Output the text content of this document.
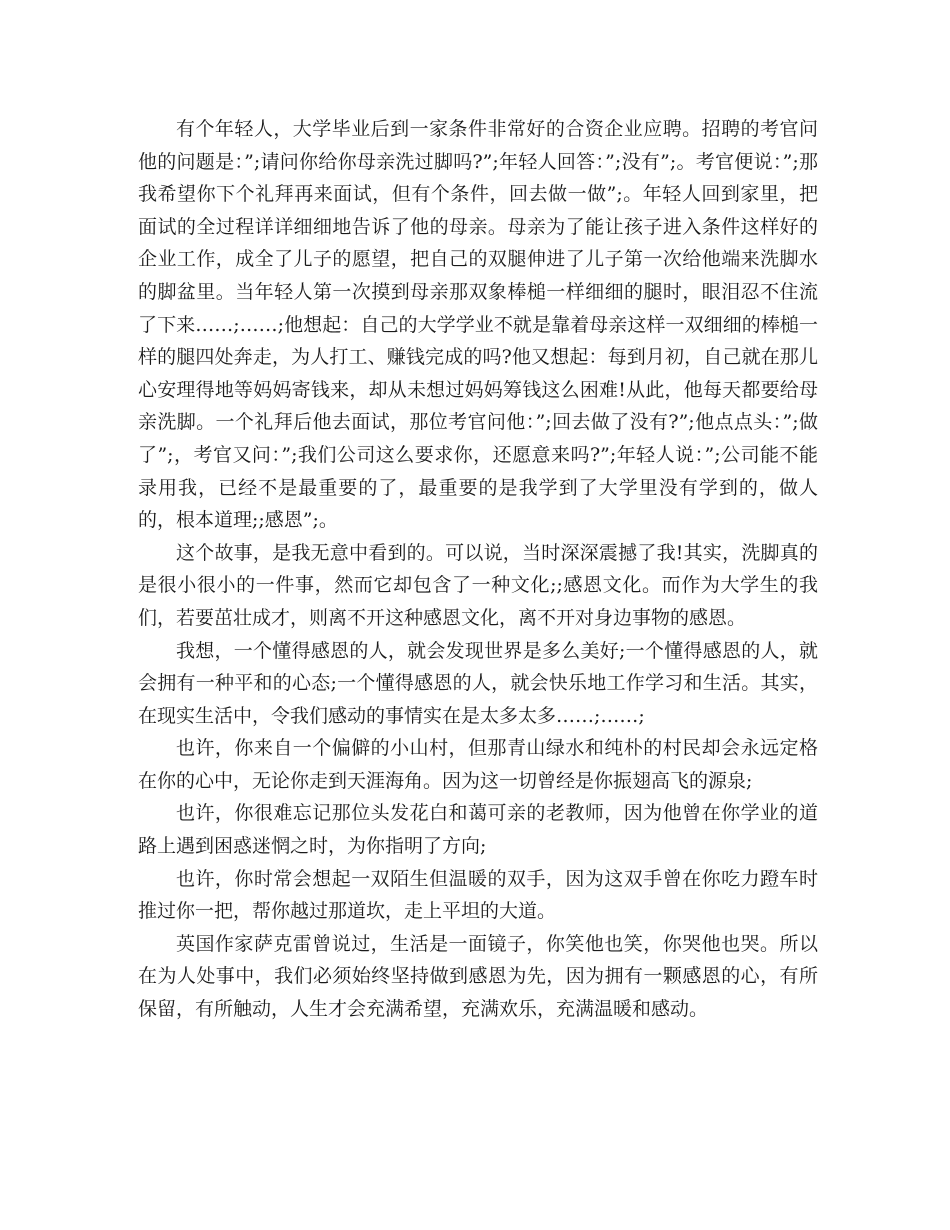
有个年轻人，大学毕业后到一家条件非常好的合资企业应聘。招聘的考官问他的问题是：”;请问你给你母亲洗过脚吗?”;年轻人回答：”;没有”;。考官便说：”;那我希望你下个礼拜再来面试，但有个条件，回去做一做”;。年轻人回到家里，把面试的全过程详详细细地告诉了他的母亲。母亲为了能让孩子进入条件这样好的企业工作，成全了儿子的愿望，把自己的双腿伸进了儿子第一次给他端来洗脚水的脚盆里。当年轻人第一次摸到母亲那双象棒槌一样细细的腿时，眼泪忍不住流了下来……;……;他想起：自己的大学学业不就是靠着母亲这样一双细细的棒槌一样的腿四处奔走，为人打工、赚钱完成的吗?他又想起：每到月初，自己就在那儿心安理得地等妈妈寄钱来，却从未想过妈妈筹钱这么困难!从此，他每天都要给母亲洗脚。一个礼拜后他去面试，那位考官问他：”;回去做了没有?”;他点点头：”;做了”;，考官又问：”;我们公司这么要求你，还愿意来吗?”;年轻人说：”;公司能不能录用我，已经不是最重要的了，最重要的是我学到了大学里没有学到的，做人的，根本道理;;感恩”;。

这个故事，是我无意中看到的。可以说，当时深深震撼了我!其实，洗脚真的是很小很小的一件事，然而它却包含了一种文化;;感恩文化。而作为大学生的我们，若要茁壮成才，则离不开这种感恩文化，离不开对身边事物的感恩。

我想，一个懂得感恩的人，就会发现世界是多么美好;一个懂得感恩的人，就会拥有一种平和的心态;一个懂得感恩的人，就会快乐地工作学习和生活。其实，在现实生活中，令我们感动的事情实在是太多太多……;……;

也许，你来自一个偏僻的小山村，但那青山绿水和纯朴的村民却会永远定格在你的心中，无论你走到天涯海角。因为这一切曾经是你振翅高飞的源泉;

也许，你很难忘记那位头发花白和蔼可亲的老教师，因为他曾在你学业的道路上遇到困惑迷惘之时，为你指明了方向;

也许，你时常会想起一双陌生但温暖的双手，因为这双手曾在你吃力蹬车时推过你一把，帮你越过那道坎，走上平坦的大道。

英国作家萨克雷曾说过，生活是一面镜子，你笑他也笑，你哭他也哭。所以在为人处事中，我们必须始终坚持做到感恩为先，因为拥有一颗感恩的心，有所保留，有所触动，人生才会充满希望，充满欢乐，充满温暖和感动。
